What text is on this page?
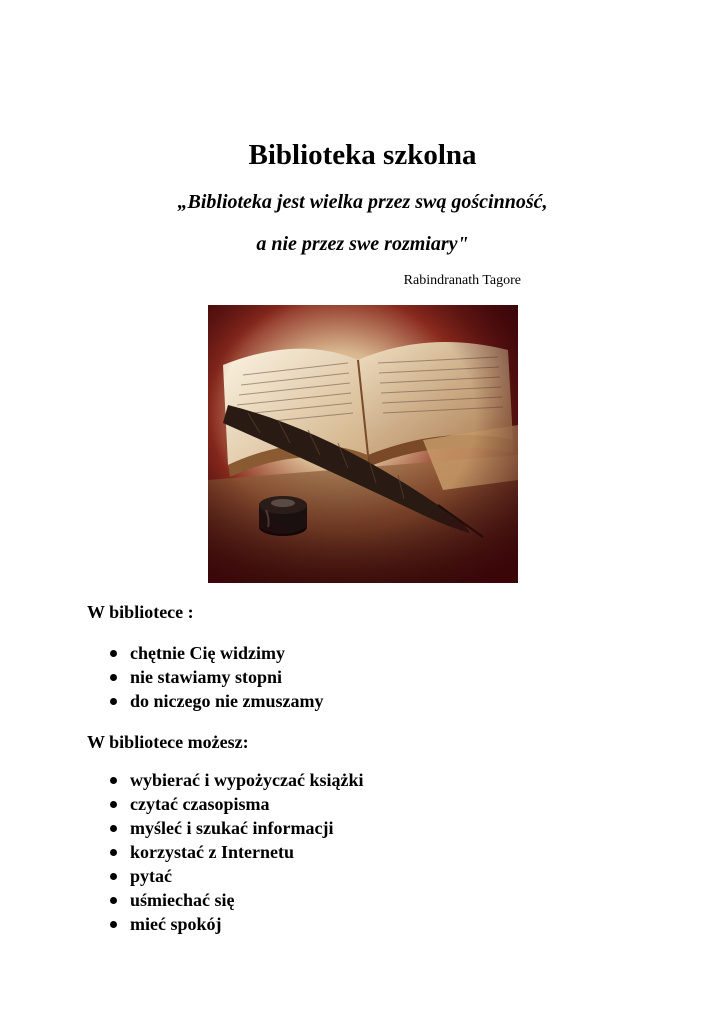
Biblioteka szkolna
„Biblioteka jest wielka przez swą gościnność,
a nie przez swe rozmiary"
Rabindranath Tagore
W bibliotece :
chętnie Cię widzimy
nie stawiamy stopni
do niczego nie zmuszamy
W bibliotece możesz:
wybierać i wypożyczać książki
czytać czasopisma
myśleć i szukać informacji
korzystać z Internetu
pytać
uśmiechać się
mieć spokój
